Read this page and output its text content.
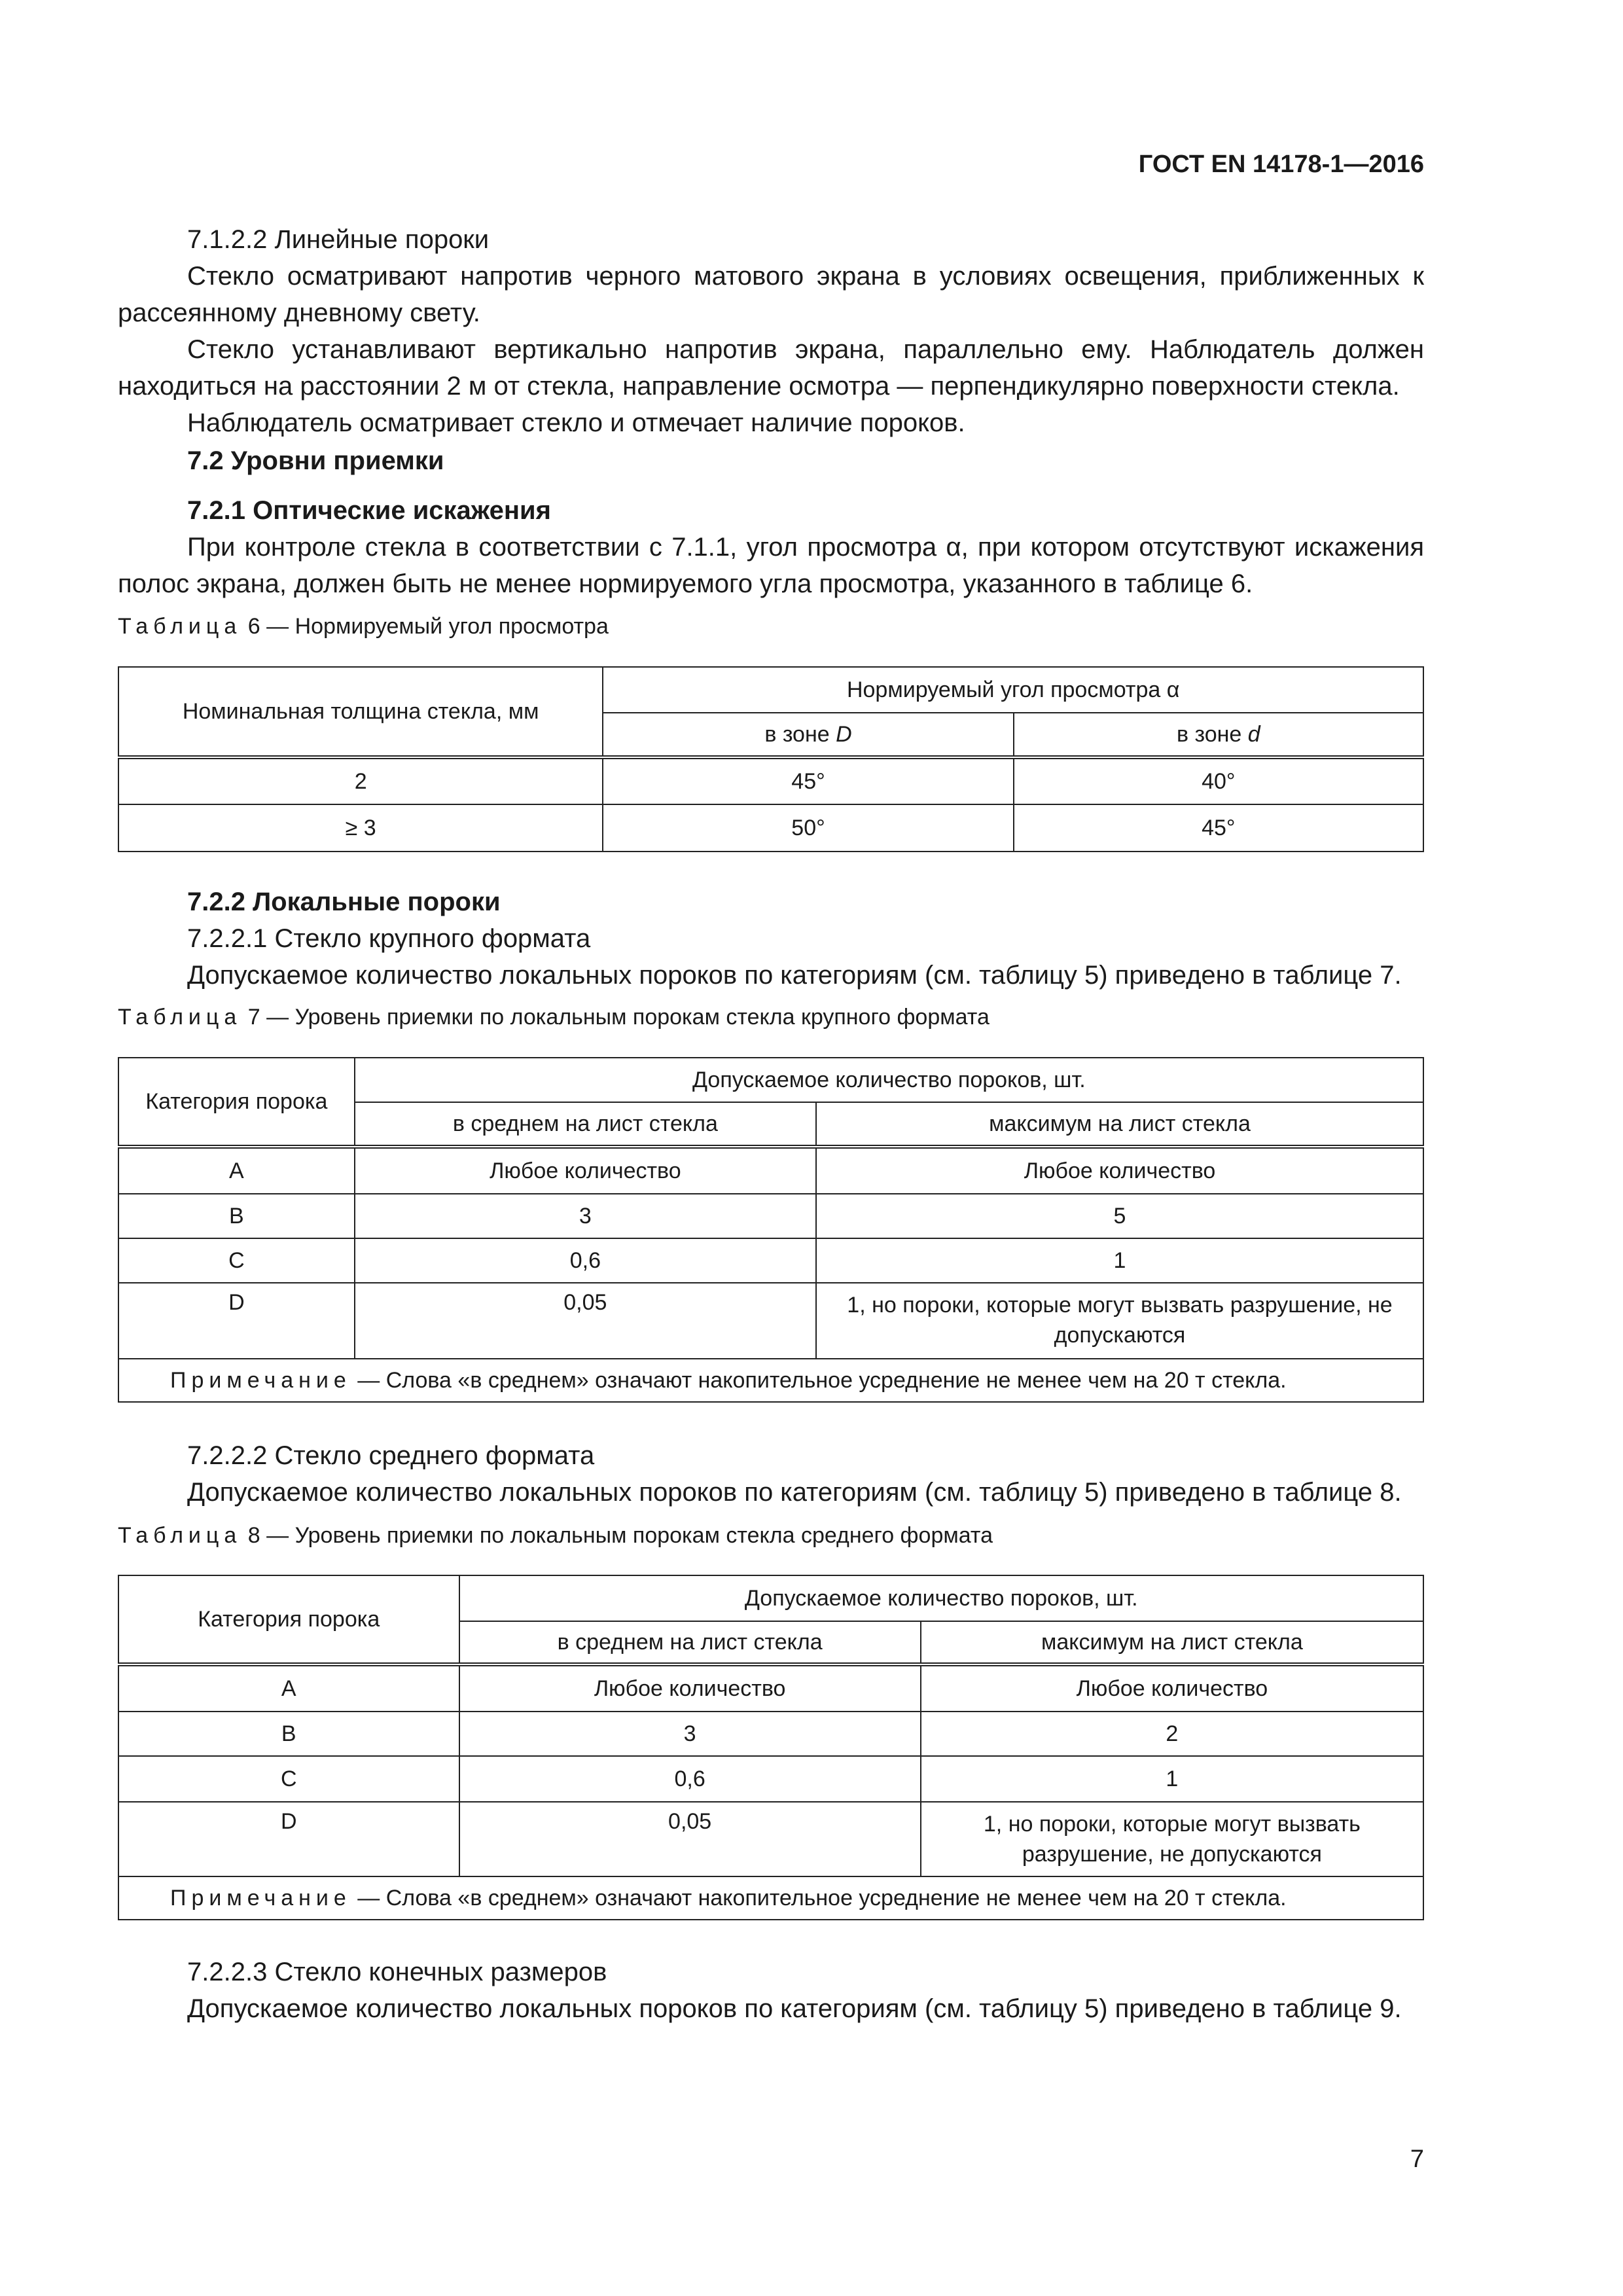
ГОСТ EN 14178-1—2016

7.1.2.2 Линейные пороки

Стекло осматривают напротив черного матового экрана в условиях освещения, приближенных к рассеянному дневному свету.

Стекло устанавливают вертикально напротив экрана, параллельно ему. Наблюдатель должен находиться на расстоянии 2 м от стекла, направление осмотра — перпендикулярно поверхности стекла.

Наблюдатель осматривает стекло и отмечает наличие пороков.

7.2 Уровни приемки

7.2.1 Оптические искажения

При контроле стекла в соответствии с 7.1.1, угол просмотра α, при котором отсутствуют искажения полос экрана, должен быть не менее нормируемого угла просмотра, указанного в таблице 6.

Таблица 6 — Нормируемый угол просмотра
Номинальная толщина стекла, мм	Нормируемый угол просмотра α	
	в зоне D	в зоне d
2	45°	40°
≥ 3	50°	45°

7.2.2 Локальные пороки

7.2.2.1 Стекло крупного формата

Допускаемое количество локальных пороков по категориям (см. таблицу 5) приведено в таблице 7.

Таблица 7 — Уровень приемки по локальным порокам стекла крупного формата
Категория порока	Допускаемое количество пороков, шт.	
	в среднем на лист стекла	максимум на лист стекла
A	Любое количество	Любое количество
B	3	5
C	0,6	1
D	0,05	1, но пороки, которые могут вызвать разрушение, не допускаются
Примечание — Слова «в среднем» означают накопительное усреднение не менее чем на 20 т стекла.		

7.2.2.2 Стекло среднего формата

Допускаемое количество локальных пороков по категориям (см. таблицу 5) приведено в таблице 8.

Таблица 8 — Уровень приемки по локальным порокам стекла среднего формата
Категория порока	Допускаемое количество пороков, шт.	
	в среднем на лист стекла	максимум на лист стекла
A	Любое количество	Любое количество
B	3	2
C	0,6	1
D	0,05	1, но пороки, которые могут вызвать разрушение, не допускаются
Примечание — Слова «в среднем» означают накопительное усреднение не менее чем на 20 т стекла.		

7.2.2.3 Стекло конечных размеров

Допускаемое количество локальных пороков по категориям (см. таблицу 5) приведено в таблице 9.

7
